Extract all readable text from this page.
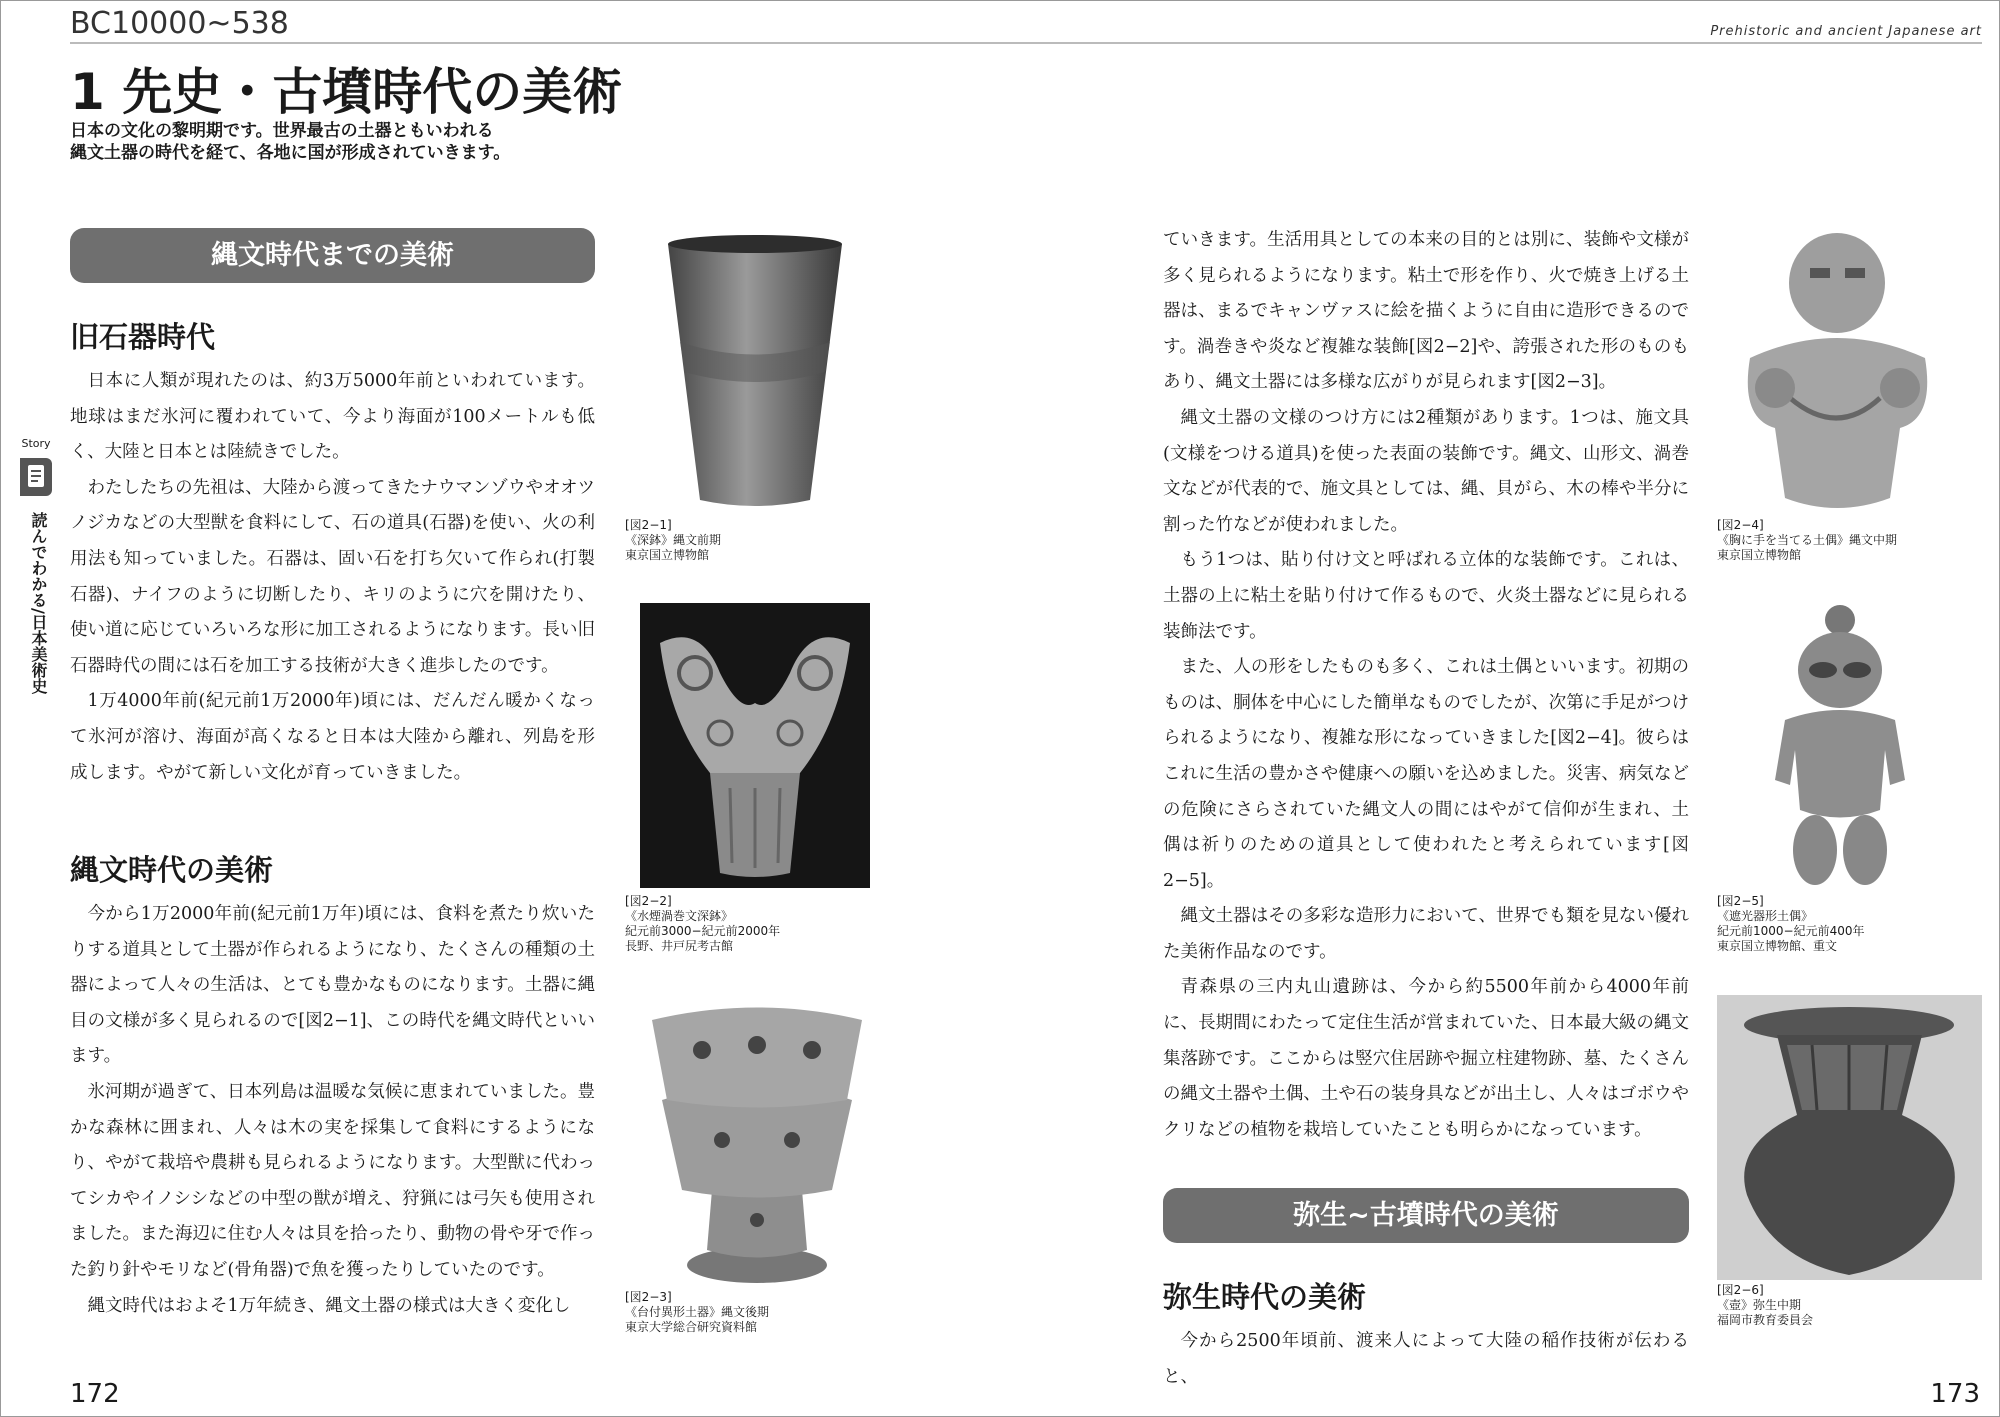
BC10000~538	Prehistoric and ancient Japanese art
1 先史・古墳時代の美術
日本の文化の黎明期です。世界最古の土器ともいわれる
縄文土器の時代を経て、各地に国が形成されていきます。
Story
読んでわかる/日本美術史
縄文時代までの美術
旧石器時代

日本に人類が現れたのは、約3万5000年前といわれています。地球はまだ氷河に覆われていて、今より海面が100メートルも低く、大陸と日本とは陸続きでした。

わたしたちの先祖は、大陸から渡ってきたナウマンゾウやオオツノジカなどの大型獣を食料にして、石の道具(石器)を使い、火の利用法も知っていました。石器は、固い石を打ち欠いて作られ(打製石器)、ナイフのように切断したり、キリのように穴を開けたり、使い道に応じていろいろな形に加工されるようになります。長い旧石器時代の間には石を加工する技術が大きく進歩したのです。

1万4000年前(紀元前1万2000年)頃には、だんだん暖かくなって氷河が溶け、海面が高くなると日本は大陸から離れ、列島を形成します。やがて新しい文化が育っていきました。

縄文時代の美術

今から1万2000年前(紀元前1万年)頃には、食料を煮たり炊いたりする道具として土器が作られるようになり、たくさんの種類の土器によって人々の生活は、とても豊かなものになります。土器に縄目の文様が多く見られるので[図2−1]、この時代を縄文時代といいます。

氷河期が過ぎて、日本列島は温暖な気候に恵まれていました。豊かな森林に囲まれ、人々は木の実を採集して食料にするようになり、やがて栽培や農耕も見られるようになります。大型獣に代わってシカやイノシシなどの中型の獣が増え、狩猟には弓矢も使用されました。また海辺に住む人々は貝を拾ったり、動物の骨や牙で作った釣り針やモリなど(骨角器)で魚を獲ったりしていたのです。

縄文時代はおよそ1万年続き、縄文土器の様式は大きく変化し

[図2−1]
《深鉢》縄文前期
東京国立博物館
[図2−2]
《水煙渦巻文深鉢》
紀元前3000−紀元前2000年
長野、井戸尻考古館
[図2−3]
《台付異形土器》縄文後期
東京大学総合研究資料館

ていきます。生活用具としての本来の目的とは別に、装飾や文様が多く見られるようになります。粘土で形を作り、火で焼き上げる土器は、まるでキャンヴァスに絵を描くように自由に造形できるのです。渦巻きや炎など複雑な装飾[図2−2]や、誇張された形のものもあり、縄文土器には多様な広がりが見られます[図2−3]。

縄文土器の文様のつけ方には2種類があります。1つは、施文具(文様をつける道具)を使った表面の装飾です。縄文、山形文、渦巻文などが代表的で、施文具としては、縄、貝がら、木の棒や半分に割った竹などが使われました。

もう1つは、貼り付け文と呼ばれる立体的な装飾です。これは、土器の上に粘土を貼り付けて作るもので、火炎土器などに見られる装飾法です。

また、人の形をしたものも多く、これは土偶といいます。初期のものは、胴体を中心にした簡単なものでしたが、次第に手足がつけられるようになり、複雑な形になっていきました[図2−4]。彼らはこれに生活の豊かさや健康への願いを込めました。災害、病気などの危険にさらされていた縄文人の間にはやがて信仰が生まれ、土偶は祈りのための道具として使われたと考えられています[図2−5]。

縄文土器はその多彩な造形力において、世界でも類を見ない優れた美術作品なのです。

青森県の三内丸山遺跡は、今から約5500年前から4000年前に、長期間にわたって定住生活が営まれていた、日本最大級の縄文集落跡です。ここからは竪穴住居跡や掘立柱建物跡、墓、たくさんの縄文土器や土偶、土や石の装身具などが出土し、人々はゴボウやクリなどの植物を栽培していたことも明らかになっています。

弥生~古墳時代の美術
弥生時代の美術

今から2500年頃前、渡来人によって大陸の稲作技術が伝わると、

[図2−4]
《胸に手を当てる土偶》縄文中期
東京国立博物館
[図2−5]
《遮光器形土偶》
紀元前1000−紀元前400年
東京国立博物館、重文
[図2−6]
《壺》弥生中期
福岡市教育委員会
172	173
